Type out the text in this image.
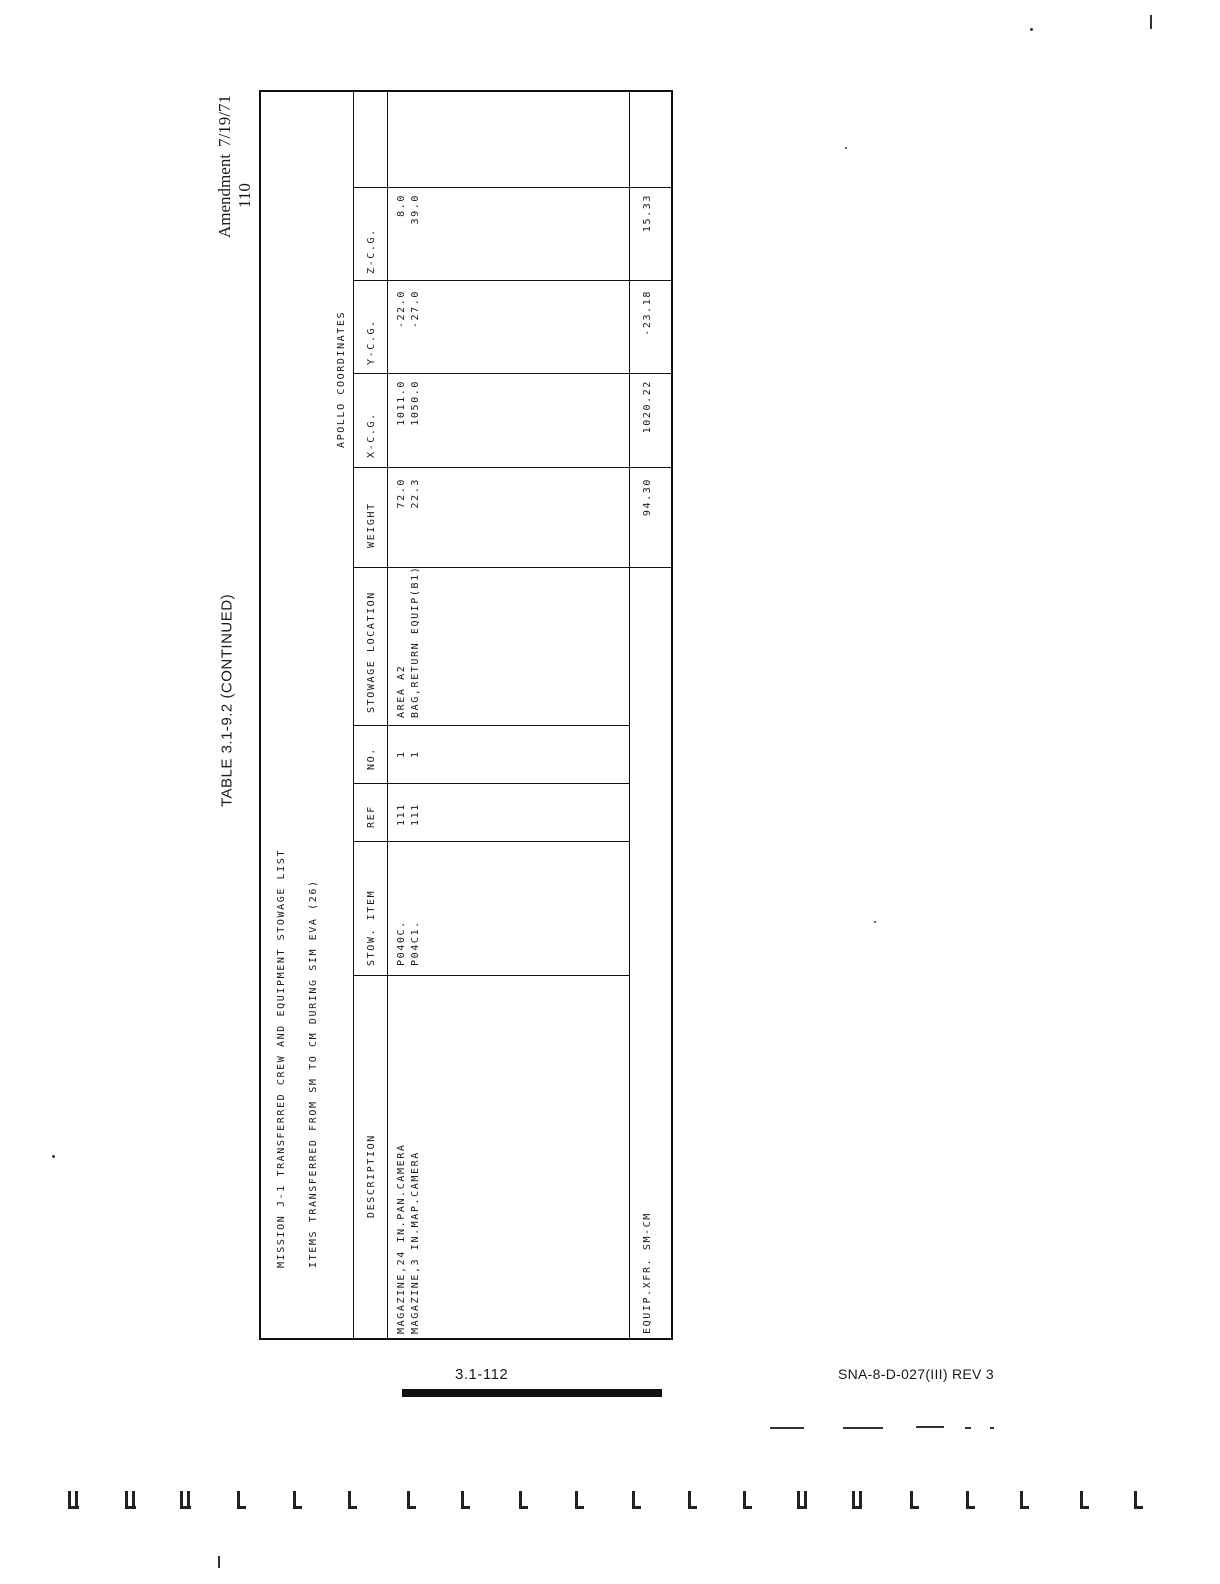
Amendment 110
7/19/71
TABLE 3.1-9.2 (CONTINUED)
MISSION J-1 TRANSFERRED CREW AND EQUIPMENT STOWAGE LIST ITEMS TRANSFERRED FROM SM TO CM DURING SIM EVA (26)
APOLLO COORDINATES
DESCRIPTION
STOW. ITEM
REF
NO.
STOWAGE LOCATION
WEIGHT
X-C.G.
Y-C.G.
Z-C.G.
MAGAZINE,24 IN.PAN.CAMERA
P040C.
111
1
AREA A2
72.0
1011.0
-22.0
8.0
MAGAZINE,3 IN.MAP.CAMERA
P04C1.
111
1
BAG,RETURN EQUIP(B1)
22.3
1050.0
-27.0
39.0
EQUIP.XFR. SM-CM
94.30
1020.22
-23.18
15.33
3.1-112	SNA-8-D-027(III) REV 3
